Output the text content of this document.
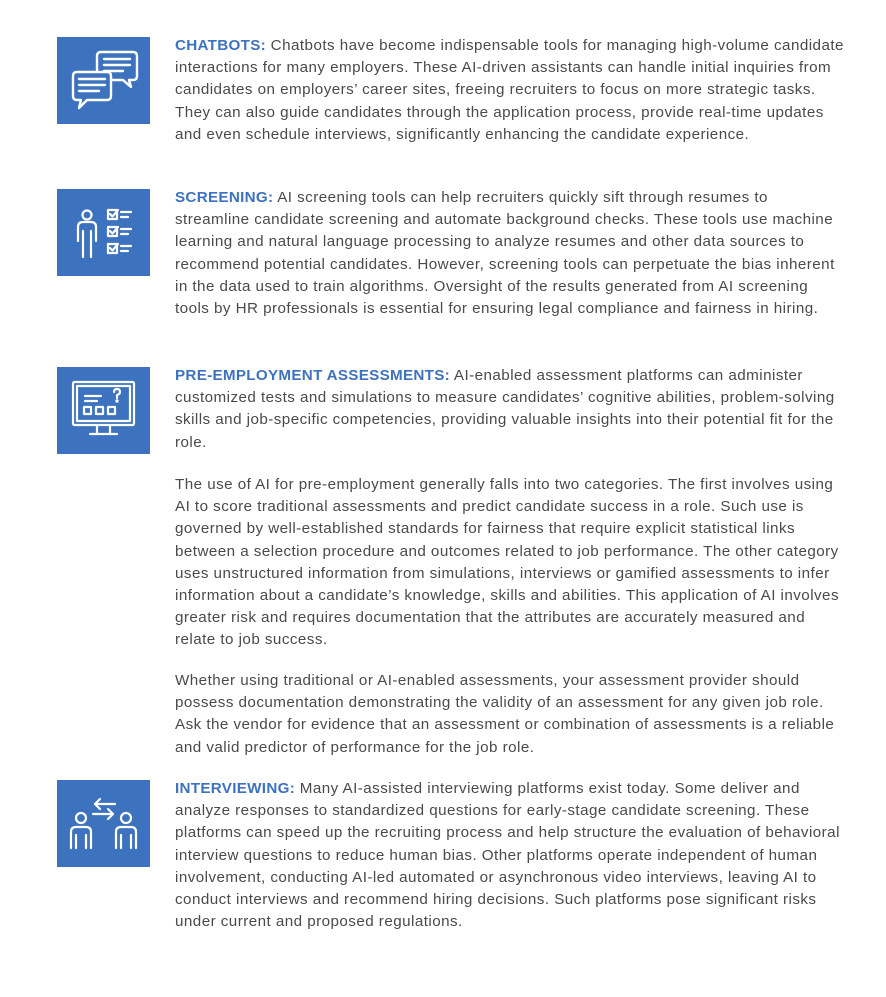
CHATBOTS: Chatbots have become indispensable tools for managing high-volume candidate interactions for many employers. These AI-driven assistants can handle initial inquiries from candidates on employers’ career sites, freeing recruiters to focus on more strategic tasks. They can also guide candidates through the application process, provide real-time updates and even schedule interviews, significantly enhancing the candidate experience.

SCREENING: AI screening tools can help recruiters quickly sift through resumes to streamline candidate screening and automate background checks. These tools use machine learning and natural language processing to analyze resumes and other data sources to recommend potential candidates. However, screening tools can perpetuate the bias inherent in the data used to train algorithms. Oversight of the results generated from AI screening tools by HR professionals is essential for ensuring legal compliance and fairness in hiring.

PRE-EMPLOYMENT ASSESSMENTS: AI-enabled assessment platforms can administer customized tests and simulations to measure candidates’ cognitive abilities, problem-solving skills and job-specific competencies, providing valuable insights into their potential fit for the role.

The use of AI for pre-employment generally falls into two categories. The first involves using AI to score traditional assessments and predict candidate success in a role. Such use is governed by well-established standards for fairness that require explicit statistical links between a selection procedure and outcomes related to job performance. The other category uses unstructured information from simulations, interviews or gamified assessments to infer information about a candidate’s knowledge, skills and abilities. This application of AI involves greater risk and requires documentation that the attributes are accurately measured and relate to job success.

Whether using traditional or AI-enabled assessments, your assessment provider should possess documentation demonstrating the validity of an assessment for any given job role. Ask the vendor for evidence that an assessment or combination of assessments is a reliable and valid predictor of performance for the job role.

INTERVIEWING: Many AI-assisted interviewing platforms exist today. Some deliver and analyze responses to standardized questions for early-stage candidate screening. These platforms can speed up the recruiting process and help structure the evaluation of behavioral interview questions to reduce human bias. Other platforms operate independent of human involvement, conducting AI-led automated or asynchronous video interviews, leaving AI to conduct interviews and recommend hiring decisions. Such platforms pose significant risks under current and proposed regulations.
